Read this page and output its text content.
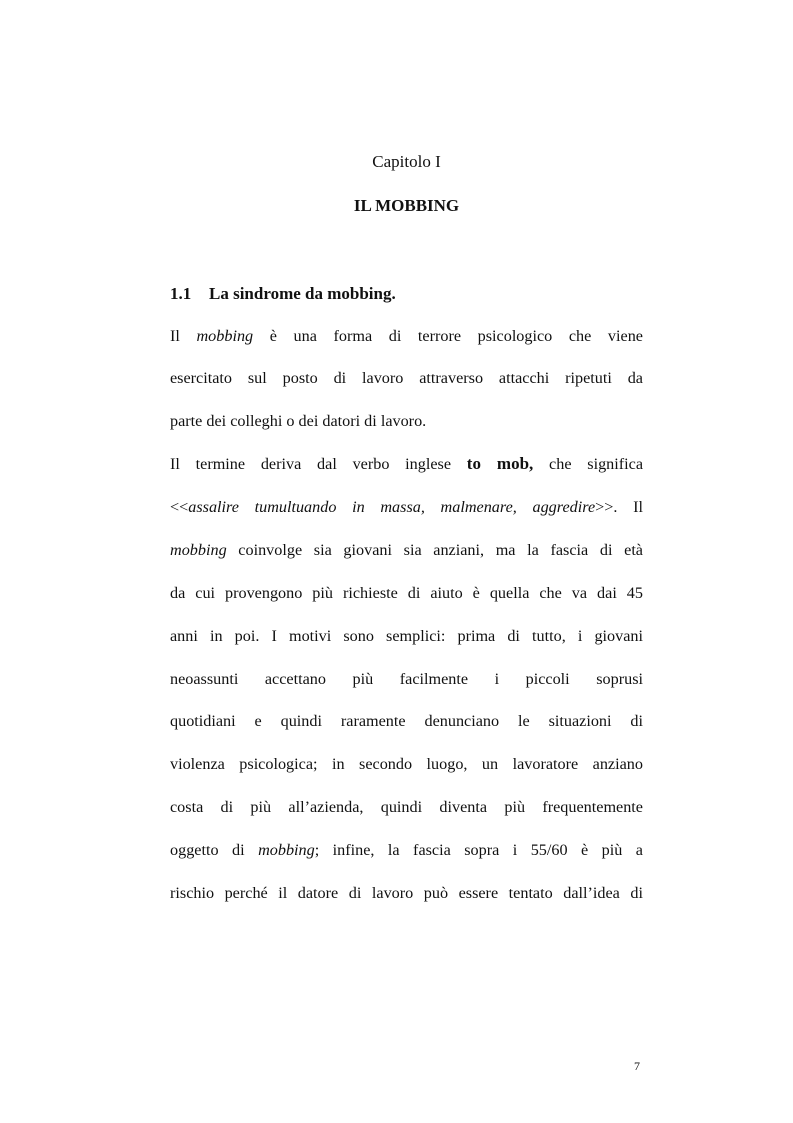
Capitolo I
IL MOBBING
1.1 La sindrome da mobbing.
Il mobbing è una forma di terrore psicologico che viene
esercitato sul posto di lavoro attraverso attacchi ripetuti da
parte dei colleghi o dei datori di lavoro.
Il termine deriva dal verbo inglese to mob, che significa
<<assalire tumultuando in massa, malmenare, aggredire>>. Il
mobbing coinvolge sia giovani sia anziani, ma la fascia di età
da cui provengono più richieste di aiuto è quella che va dai 45
anni in poi. I motivi sono semplici: prima di tutto, i giovani
neoassunti accettano più facilmente i piccoli soprusi
quotidiani e quindi raramente denunciano le situazioni di
violenza psicologica; in secondo luogo, un lavoratore anziano
costa di più all’azienda, quindi diventa più frequentemente
oggetto di mobbing; infine, la fascia sopra i 55/60 è più a
rischio perché il datore di lavoro può essere tentato dall’idea di
7
